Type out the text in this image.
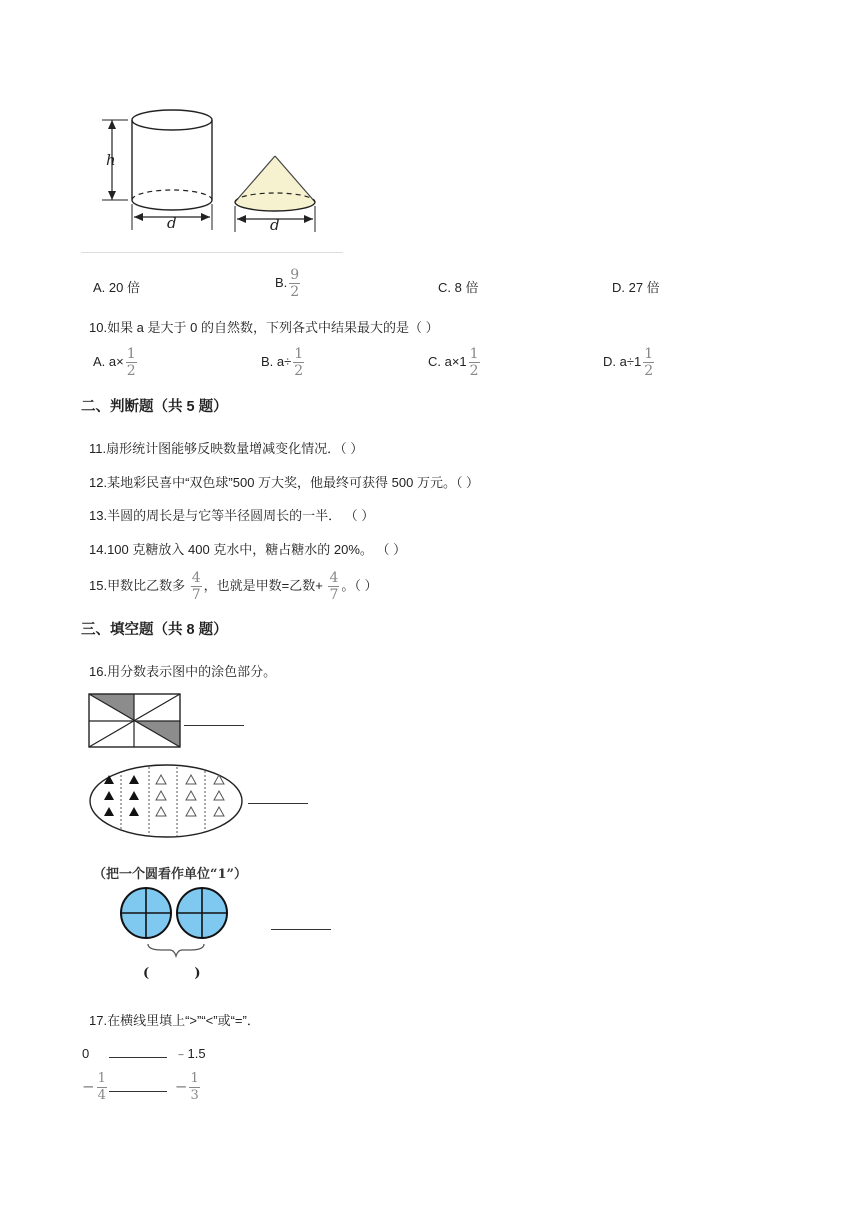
h
d	d
A. 20 倍	B. $\frac{9}{2}$	C. 8 倍	D. 27 倍
10.如果 a 是大于 0 的自然数，下列各式中结果最大的是（ ）
A. $a\times \frac{1}{2}$	B. $a\div \frac{1}{2}$	C. $a\times 1 \frac{1}{2}$	D. $a\div 1 \frac{1}{2}$
二、判断题（共 5 题）
11.扇形统计图能够反映数量增减变化情况．（ ）
12.某地彩民喜中“双色球”500 万大奖，他最终可获得 500 万元。（ ）
13.半圆的周长是与它等半径圆周长的一半． （ ）
14.100 克糖放入 400 克水中，糖占糖水的 20%。 （ ）
15.甲数比乙数多 $\frac{4}{7}$ ，也就是甲数=乙数+ $\frac{4}{7}$ 。（ ）
三、填空题（共 8 题）
16.用分数表示图中的涂色部分。
（把一个圆看作单位“1”）
(          )
17.在横线里填上“>”“<”或“=”．
0	﹣1.5
− $\frac{1}{4}$	− $\frac{1}{3}$
